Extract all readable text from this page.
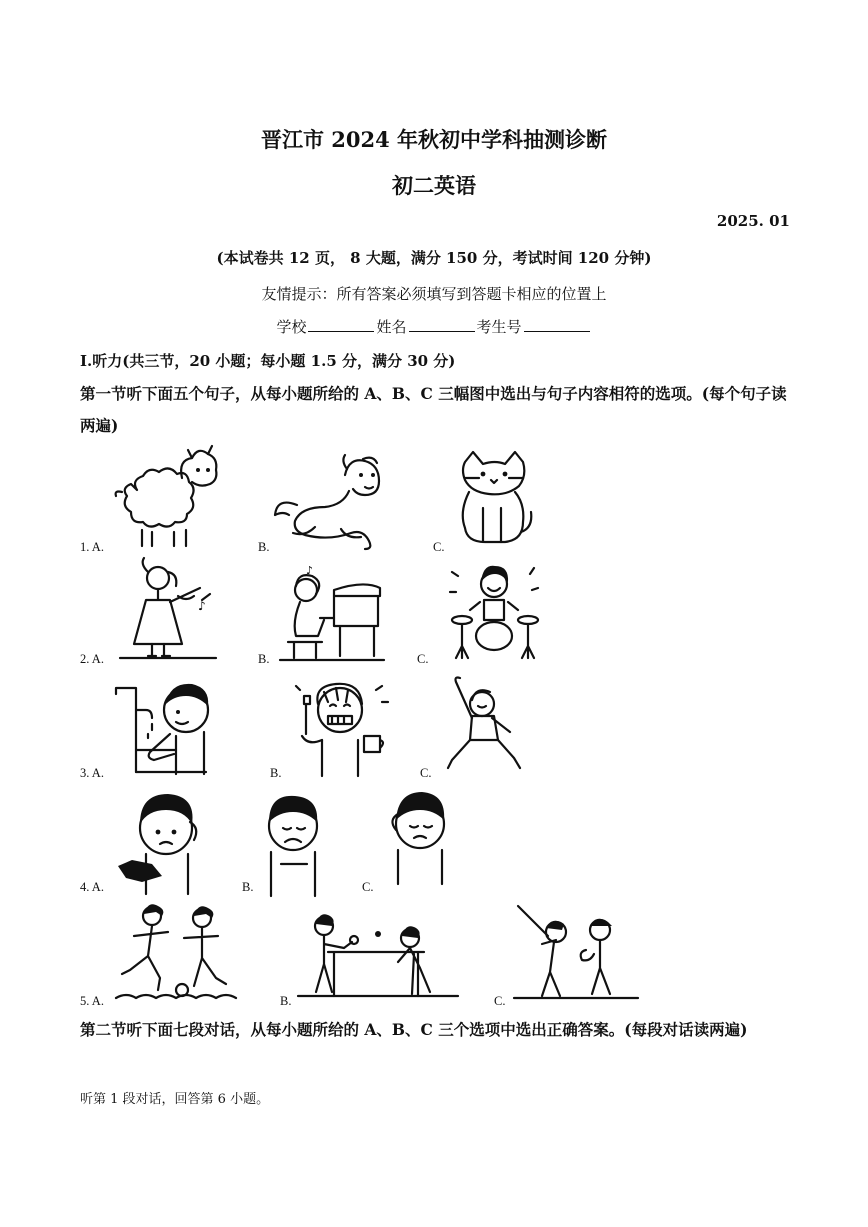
晋江市 2024 年秋初中学科抽测诊断
初二英语
2025. 01
(本试卷共 12 页， 8 大题，满分 150 分，考试时间 120 分钟)
友情提示：所有答案必须填写到答题卡相应的位置上
学校	姓名	考生号
Ⅰ.听力(共三节，20 小题；每小题 1.5 分，满分 30 分)
第一节听下面五个句子，从每小题所给的 A、B、C 三幅图中选出与句子内容相符的选项。(每个句子读两遍)
1. A.	B.	C.
2. A.	B.	C.
♪
♪
3. A.	B.	C.
4. A.	B.	C.
5. A.	B.	C.
第二节听下面七段对话，从每小题所给的 A、B、C 三个选项中选出正确答案。(每段对话读两遍)
听第 1 段对话，回答第 6 小题。
